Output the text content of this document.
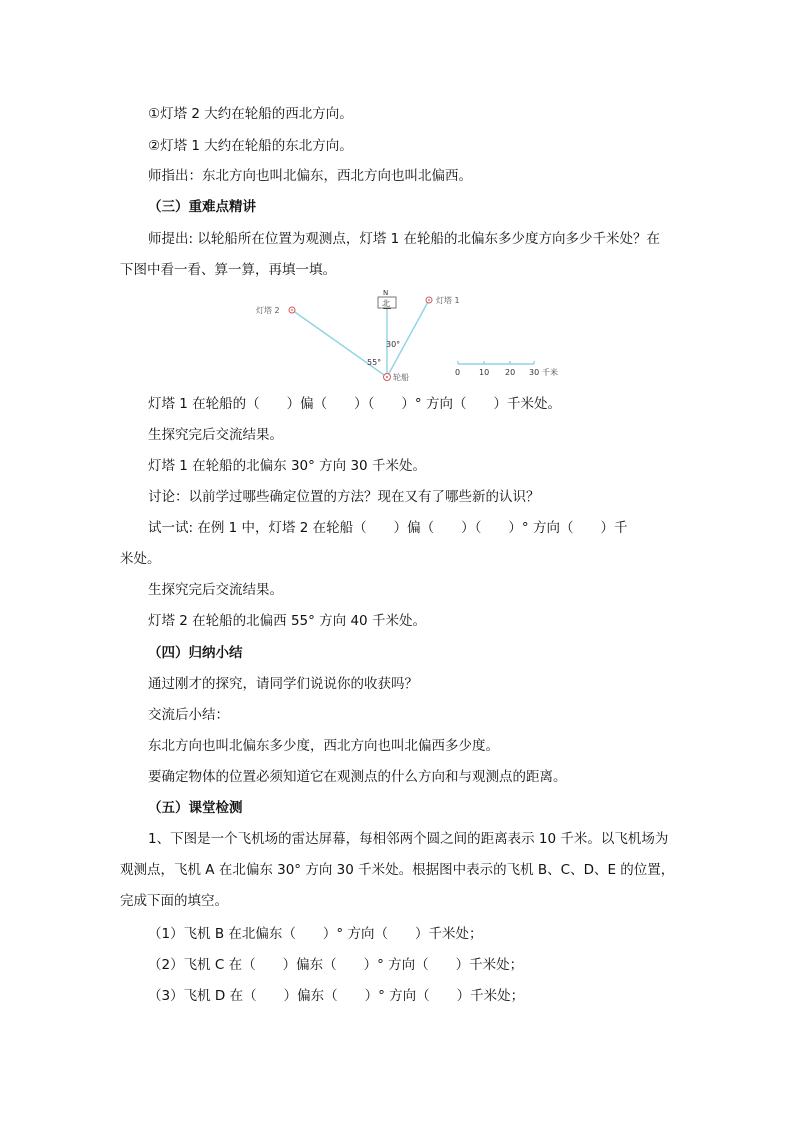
①灯塔 2 大约在轮船的西北方向。
②灯塔 1 大约在轮船的东北方向。
师指出：东北方向也叫北偏东，西北方向也叫北偏西。
（三）重难点精讲
师提出: 以轮船所在位置为观测点，灯塔 1 在轮船的北偏东多少度方向多少千米处？在
下图中看一看、算一算，再填一填。
N
北
灯塔 2
灯塔 1
轮船
30°
55°
0 10 20 30 千米
灯塔 1 在轮船的（　　）偏（　　）（　　）° 方向（　　）千米处。
生探究完后交流结果。
灯塔 1 在轮船的北偏东 30° 方向 30 千米处。
讨论：以前学过哪些确定位置的方法？现在又有了哪些新的认识？
试一试: 在例 1 中，灯塔 2 在轮船（　　）偏（　　）（　　）° 方向（　　）千
米处。
生探究完后交流结果。
灯塔 2 在轮船的北偏西 55° 方向 40 千米处。
（四）归纳小结
通过刚才的探究，请同学们说说你的收获吗？
交流后小结：
东北方向也叫北偏东多少度，西北方向也叫北偏西多少度。
要确定物体的位置必须知道它在观测点的什么方向和与观测点的距离。
（五）课堂检测
1、下图是一个飞机场的雷达屏幕，每相邻两个圆之间的距离表示 10 千米。以飞机场为
观测点，飞机 A 在北偏东 30° 方向 30 千米处。根据图中表示的飞机 B、C、D、E 的位置，
完成下面的填空。
（1）飞机 B 在北偏东（　　）° 方向（　　）千米处；
（2）飞机 C 在（　　）偏东（　　）° 方向（　　）千米处；
（3）飞机 D 在（　　）偏东（　　）° 方向（　　）千米处；
